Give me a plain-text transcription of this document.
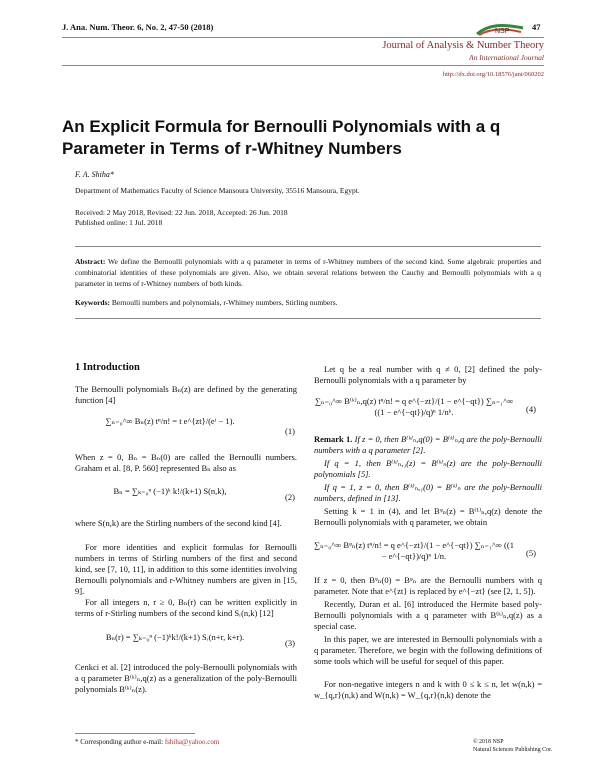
J. Ana. Num. Theor. 6, No. 2, 47-50 (2018)	47
NSP
Journal of Analysis & Number Theory
An International Journal
http://dx.doi.org/10.18576/jant/060202
An Explicit Formula for Bernoulli Polynomials with a q
Parameter in Terms of r-Whitney Numbers
F. A. Shiha*
Department of Mathematics Faculty of Science Mansoura University, 35516 Mansoura, Egypt.
Received: 2 May 2018, Revised: 22 Jun. 2018, Accepted: 26 Jun. 2018
Published online: 1 Jul. 2018
Abstract: We define the Bernoulli polynomials with a q parameter in terms of r-Whitney numbers of the second kind. Some algebraic properties and combinatorial identities of these polynomials are given. Also, we obtain several relations between the Cauchy and Bernoulli polynomials with a q parameter in terms of r-Whitney numbers of both kinds.
Keywords: Bernoulli numbers and polynomials, r-Whitney numbers, Stirling numbers.
1 Introduction
The Bernoulli polynomials Bₙ(z) are defined by the generating function [4]
∑ₙ₌₀^∞ Bₙ(z) tⁿ/n! = t e^{zt}/(eᵗ − 1).
(1)
When z = 0, Bₙ = Bₙ(0) are called the Bernoulli numbers. Graham et al. [8, P. 560] represented Bₙ also as
Bₙ = ∑ₖ₌₀ⁿ (−1)ᵏ k!/(k+1) S(n,k),
(2)
where S(n,k) are the Stirling numbers of the second kind [4].
For more identities and explicit formulas for Bernoulli numbers in terms of Stirling numbers of the first and second kind, see [7, 10, 11], in addition to this some identities involving Bernoulli polynomials and r-Whitney numbers are given in [15, 9].
For all integers n, r ≥ 0, Bₙ(r) can be written explicitly in terms of r-Stirling numbers of the second kind Sᵣ(n,k) [12]
Bₙ(r) = ∑ₖ₌₀ⁿ (−1)ᵏk!/(k+1) Sᵣ(n+r, k+r).
(3)
Cenkci et al. [2] introduced the poly-Bernoulli polynomials with a q parameter B⁽ᵏ⁾ₙ,q(z) as a generalization of the poly-Bernoulli polynomials B⁽ᵏ⁾ₙ(z).
Let q be a real number with q ≠ 0, [2] defined the poly-Bernoulli polynomials with a q parameter by
∑ₙ₌₀^∞ B⁽ᵏ⁾ₙ,q(z) tⁿ/n! = q e^{−zt}/(1 − e^{−qt}) ∑ₙ₌₁^∞ ((1 − e^{−qt})/q)ⁿ 1/nᵏ.	(4)
Remark 1. If z = 0, then B⁽ᵏ⁾ₙ,q(0) = B⁽ᵏ⁾ₙ,q are the poly-Bernoulli numbers with a q parameter [2].
If q = 1, then B⁽ᵏ⁾ₙ,₁(z) = B⁽ᵏ⁾ₙ(z) are the poly-Bernoulli polynomials [5].
If q = 1, z = 0, then B⁽ᵏ⁾ₙ,₁(0) = B⁽ᵏ⁾ₙ are the poly-Bernoulli numbers, defined in [13].
Setting k = 1 in (4), and let Bᵠₙ(z) = B⁽¹⁾ₙ,q(z) denote the Bernoulli polynomials with q parameter, we obtain
∑ₙ₌₀^∞ Bᵠₙ(z) tⁿ/n! = q e^{−zt}/(1 − e^{−qt}) ∑ₙ₌₁^∞ ((1 − e^{−qt})/q)ⁿ 1/n.	(5)
If z = 0, then Bᵠₙ(0) = Bᵠₙ are the Bernoulli numbers with q parameter. Note that e^{zt} is replaced by e^{−zt} (see [2, 1, 5]).
Recently, Duran et al. [6] introduced the Hermite based poly-Bernoulli polynomials with a q parameter with B⁽ᵏ⁾ₙ,q(z) as a special case.
In this paper, we are interested in Bernoulli polynomials with a q parameter. Therefore, we begin with the following definitions of some tools which will be useful for sequel of this paper.
For non-negative integers n and k with 0 ≤ k ≤ n, let w(n,k) = w_{q,r}(n,k) and W(n,k) = W_{q,r}(n,k) denote the
* Corresponding author e-mail: fshiha@yahoo.com	© 2018 NSP
Natural Sciences Publishing Cor.
